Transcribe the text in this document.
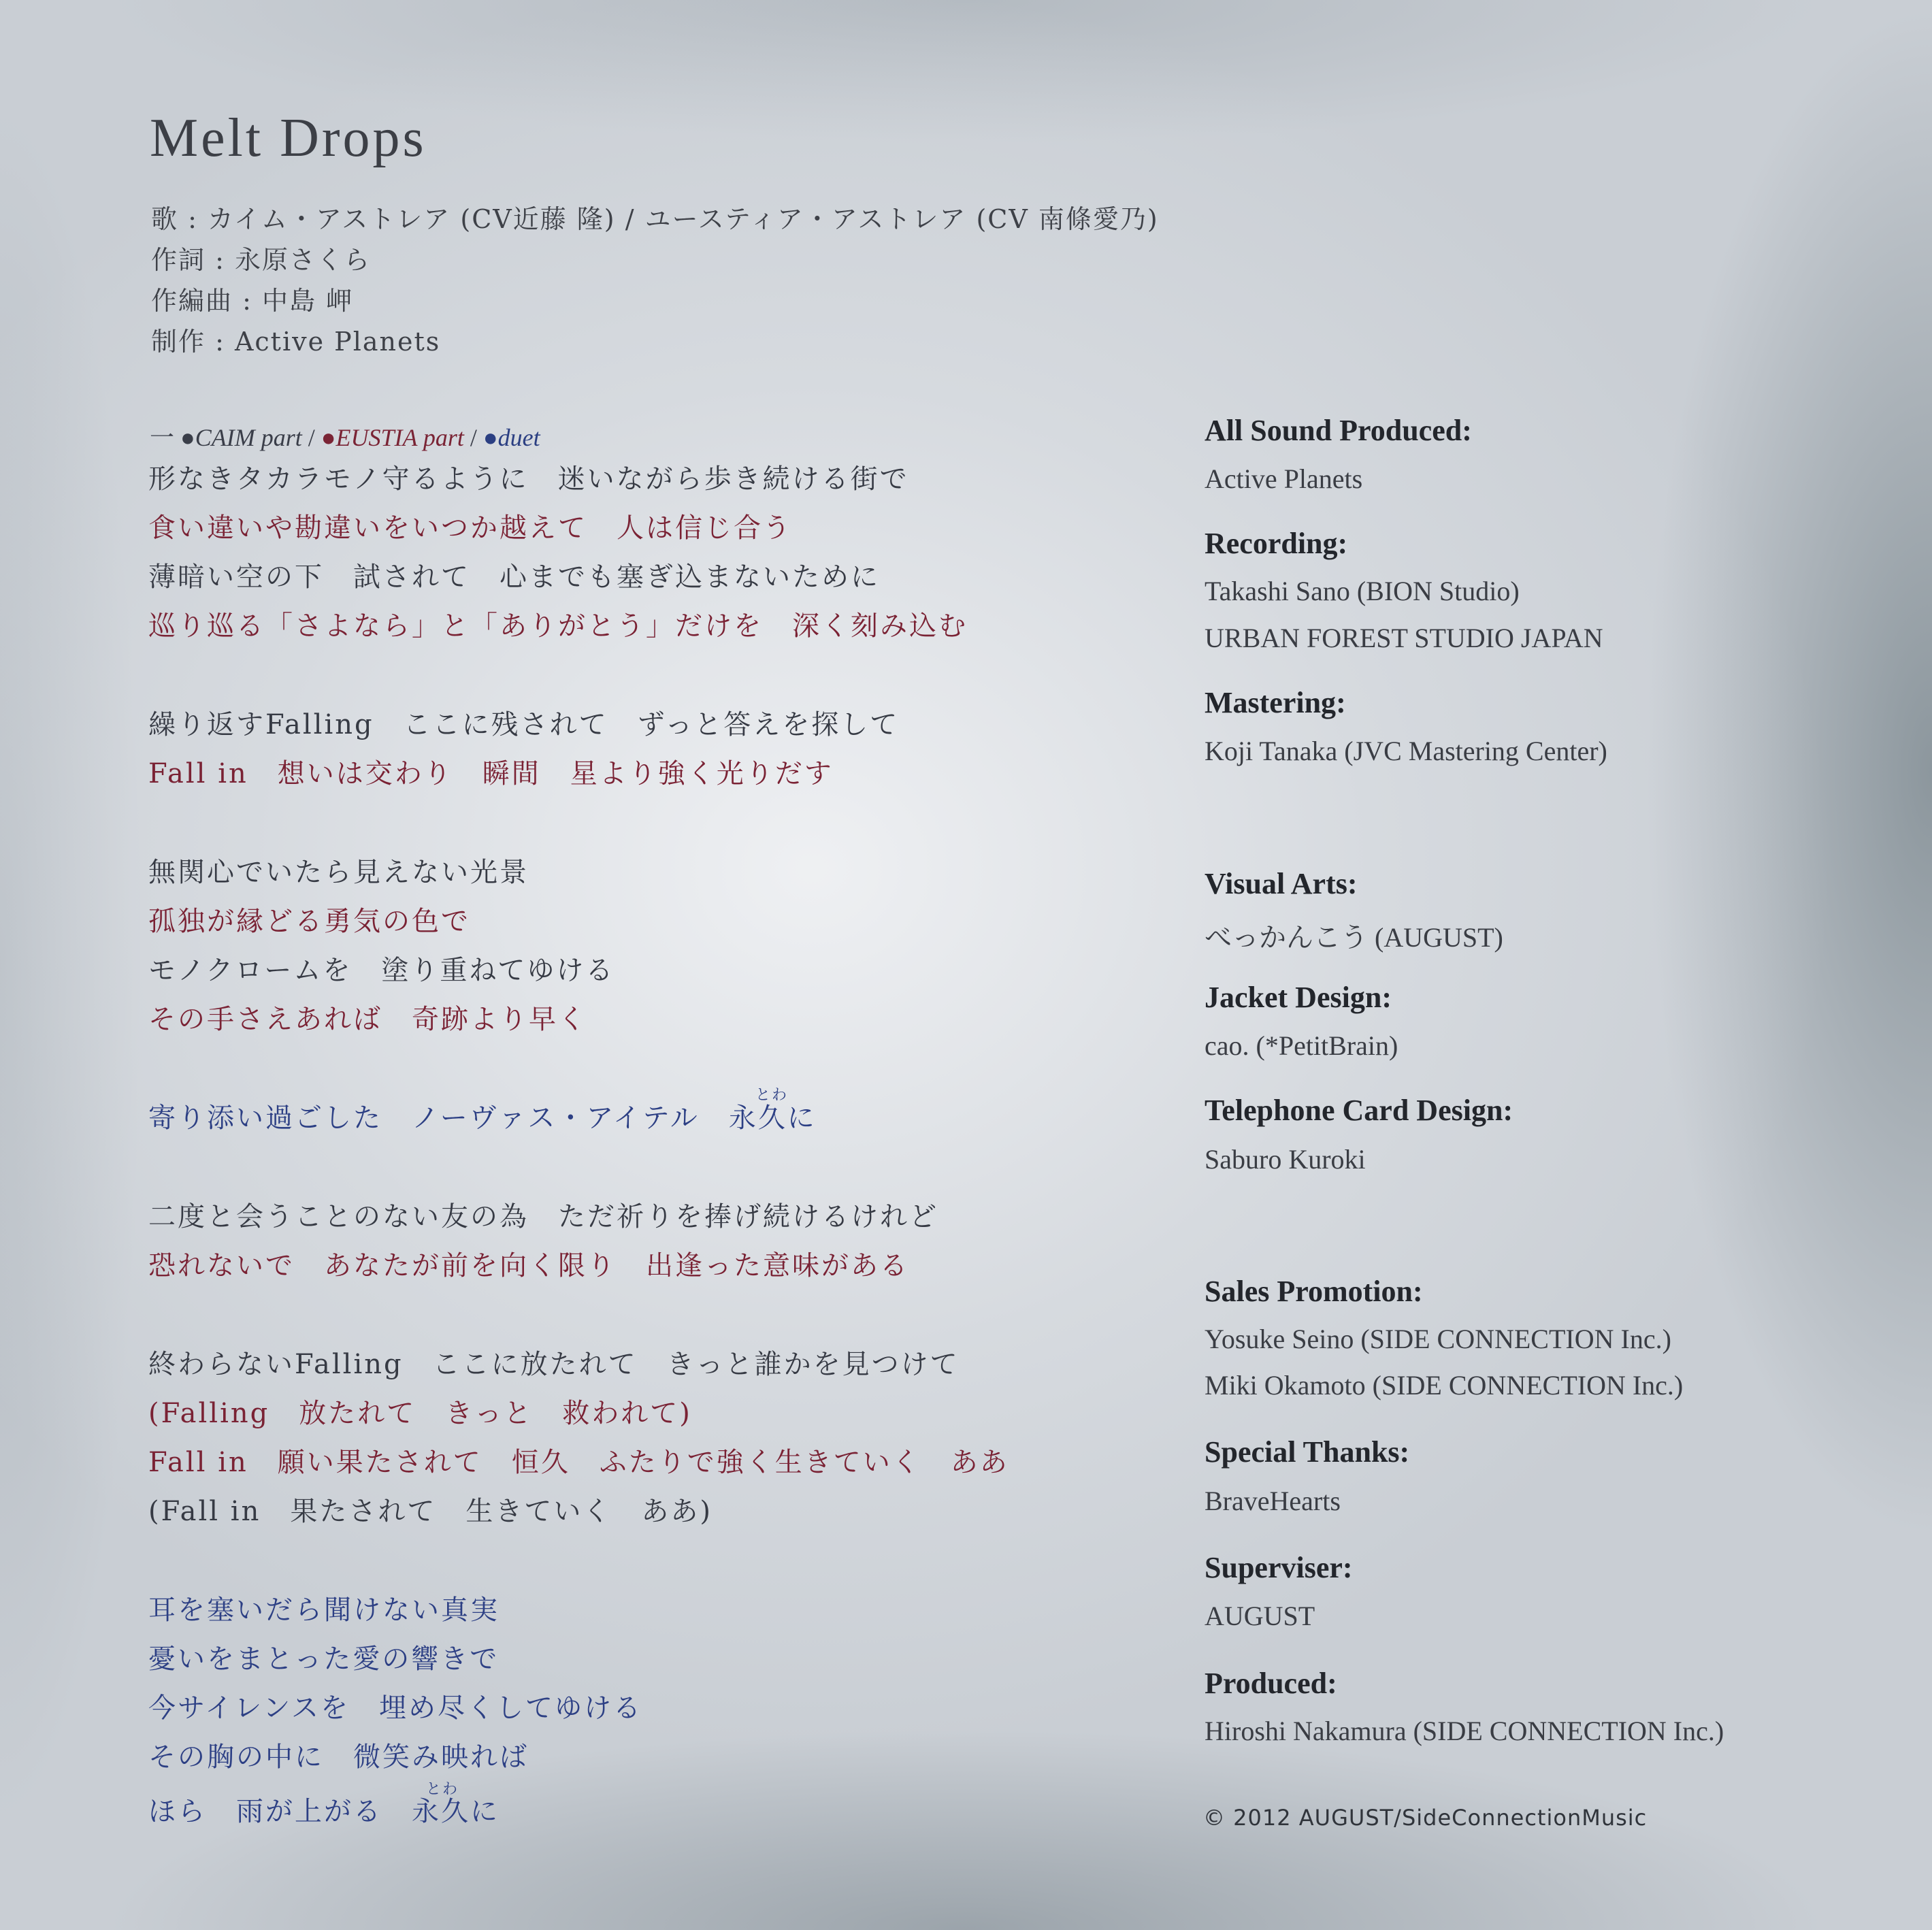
Melt Drops
歌 : カイム・アストレア (CV近藤 隆) / ユースティア・アストレア (CV 南條愛乃)
作詞 : 永原さくら
作編曲 : 中島 岬
制作 : Active Planets
一 ●CAIM part / ●EUSTIA part / ●duet
形なきタカラモノ守るように　迷いながら歩き続ける街で
食い違いや勘違いをいつか越えて　人は信じ合う
薄暗い空の下　試されて　心までも塞ぎ込まないために
巡り巡る「さよなら」と「ありがとう」だけを　深く刻み込む
繰り返すFalling　ここに残されて　ずっと答えを探して
Fall in　想いは交わり　瞬間　星より強く光りだす
無関心でいたら見えない光景
孤独が縁どる勇気の色で
モノクロームを　塗り重ねてゆける
その手さえあれば　奇跡より早く
とわ
寄り添い過ごした　ノーヴァス・アイテル　永久に
二度と会うことのない友の為　ただ祈りを捧げ続けるけれど
恐れないで　あなたが前を向く限り　出逢った意味がある
終わらないFalling　ここに放たれて　きっと誰かを見つけて
(Falling　放たれて　きっと　救われて)
Fall in　願い果たされて　恒久　ふたりで強く生きていく　ああ
(Fall in　果たされて　生きていく　ああ)
耳を塞いだら聞けない真実
憂いをまとった愛の響きで
今サイレンスを　埋め尽くしてゆける
その胸の中に　微笑み映れば
とわ
ほら　雨が上がる　永久に
All Sound Produced:
Active Planets
Recording:
Takashi Sano (BION Studio)
URBAN FOREST STUDIO JAPAN
Mastering:
Koji Tanaka (JVC Mastering Center)
Visual Arts:
べっかんこう (AUGUST)
Jacket Design:
cao. (*PetitBrain)
Telephone Card Design:
Saburo Kuroki
Sales Promotion:
Yosuke Seino (SIDE CONNECTION Inc.)
Miki Okamoto (SIDE CONNECTION Inc.)
Special Thanks:
BraveHearts
Superviser:
AUGUST
Produced:
Hiroshi Nakamura (SIDE CONNECTION Inc.)
© 2012 AUGUST/SideConnectionMusic
